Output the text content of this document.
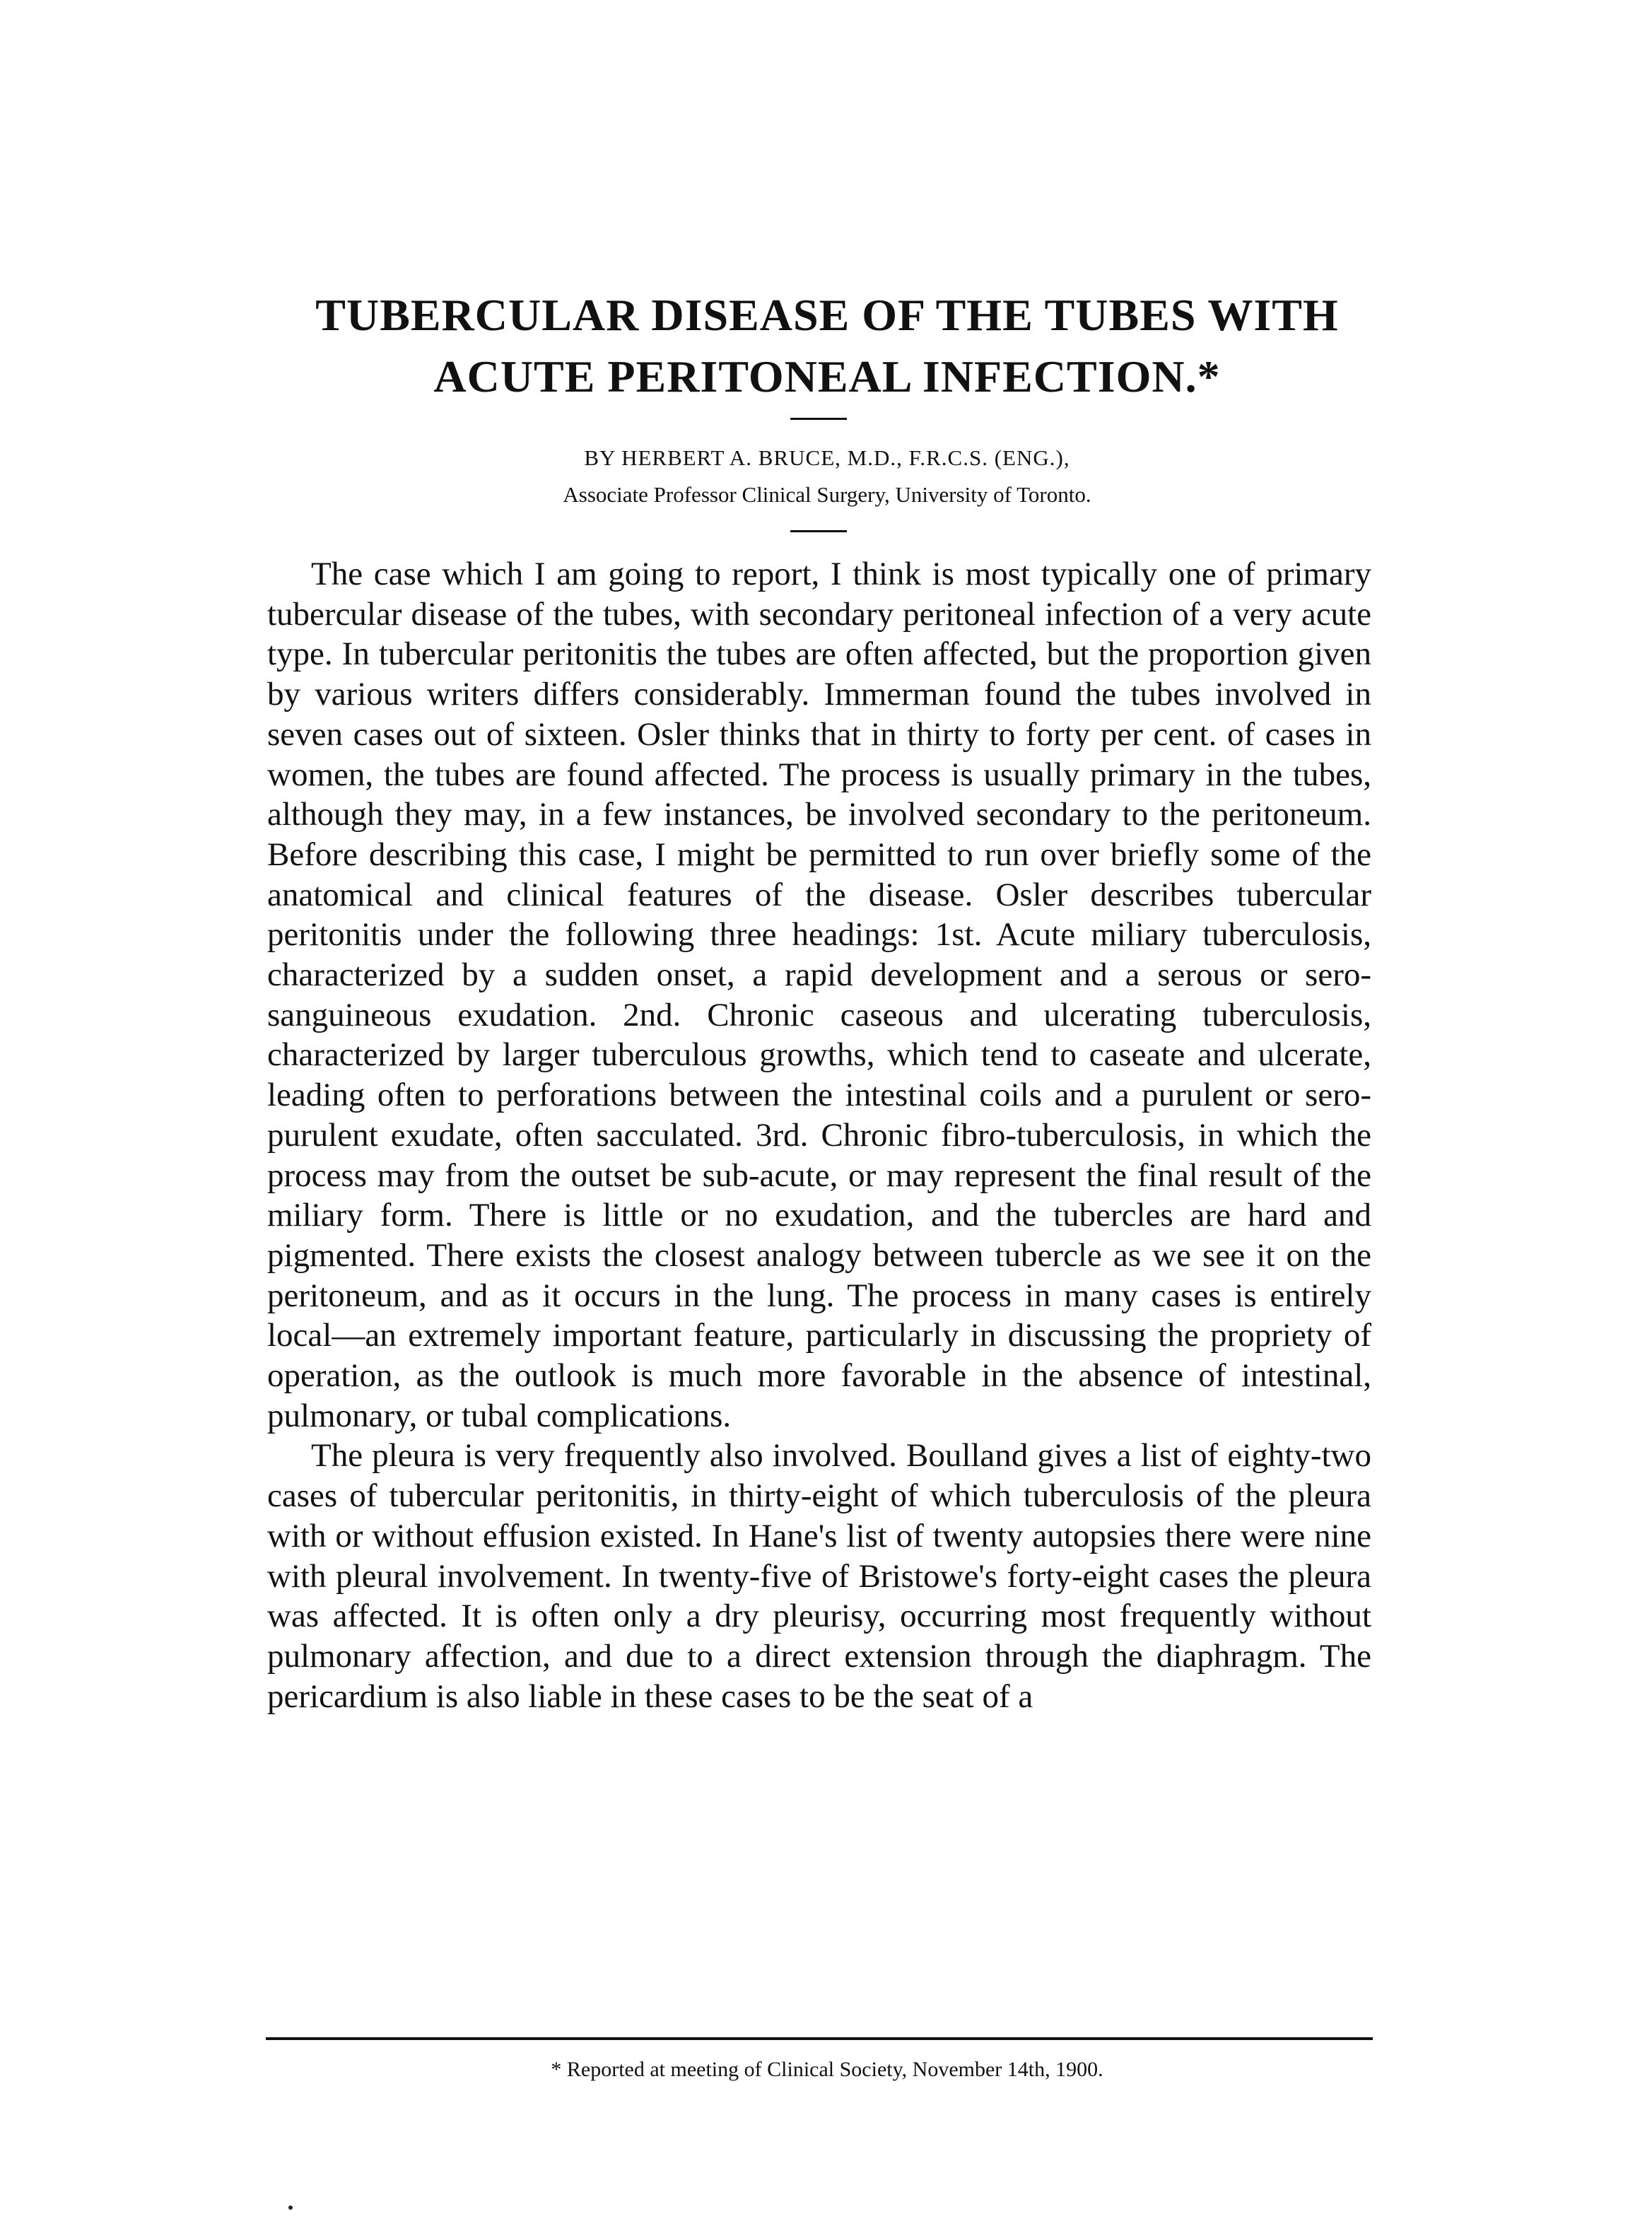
TUBERCULAR DISEASE OF THE TUBES WITH
ACUTE PERITONEAL INFECTION.*
BY HERBERT A. BRUCE, M.D., F.R.C.S. (ENG.),
Associate Professor Clinical Surgery, University of Toronto.

The case which I am going to report, I think is most typically one of primary tubercular disease of the tubes, with secondary peritoneal infection of a very acute type. In tubercular peritonitis the tubes are often affected, but the proportion given by various writers differs considerably. Immerman found the tubes involved in seven cases out of sixteen. Osler thinks that in thirty to forty per cent. of cases in women, the tubes are found affected. The process is usually primary in the tubes, although they may, in a few instances, be involved secondary to the peritoneum. Before describing this case, I might be permitted to run over briefly some of the anatomical and clinical features of the disease. Osler describes tubercular peritonitis under the following three headings: 1st. Acute miliary tuberculosis, characterized by a sudden onset, a rapid development and a serous or sero-sanguineous exudation. 2nd. Chronic caseous and ulcerating tuberculosis, characterized by larger tuberculous growths, which tend to caseate and ulcerate, leading often to perforations between the intestinal coils and a purulent or sero-purulent exudate, often sacculated. 3rd. Chronic fibro-tuberculosis, in which the process may from the outset be sub-acute, or may represent the final result of the miliary form. There is little or no exudation, and the tubercles are hard and pigmented. There exists the closest analogy between tubercle as we see it on the peritoneum, and as it occurs in the lung. The process in many cases is entirely local—an extremely important feature, particularly in discussing the propriety of operation, as the outlook is much more favorable in the absence of intestinal, pulmonary, or tubal complications.

The pleura is very frequently also involved. Boulland gives a list of eighty-two cases of tubercular peritonitis, in thirty-eight of which tuberculosis of the pleura with or without effusion existed. In Hane's list of twenty autopsies there were nine with pleural involvement. In twenty-five of Bristowe's forty-eight cases the pleura was affected. It is often only a dry pleurisy, occurring most frequently without pulmonary affection, and due to a direct extension through the diaphragm. The pericardium is also liable in these cases to be the seat of a

* Reported at meeting of Clinical Society, November 14th, 1900.
